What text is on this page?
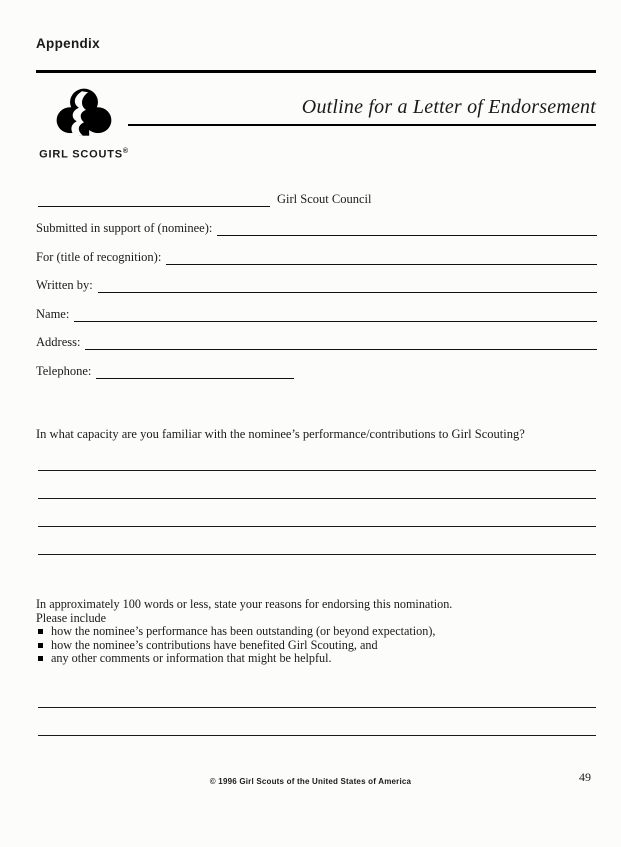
Appendix
GIRL SCOUTS®
Outline for a Letter of Endorsement
Girl Scout Council
Submitted in support of (nominee):
For (title of recognition):
Written by:
Name:
Address:
Telephone:
In what capacity are you familiar with the nominee’s performance/contributions to Girl Scouting?
In approximately 100 words or less, state your reasons for endorsing this nomination.
Please include
how the nominee’s performance has been outstanding (or beyond expectation),
how the nominee’s contributions have benefited Girl Scouting, and
any other comments or information that might be helpful.
© 1996 Girl Scouts of the United States of America	49
